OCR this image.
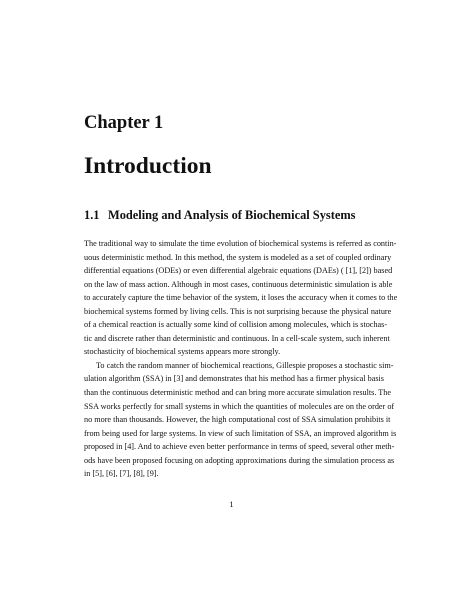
Chapter 1
Introduction
1.1 Modeling and Analysis of Biochemical Systems
The traditional way to simulate the time evolution of biochemical systems is referred as contin-
uous deterministic method. In this method, the system is modeled as a set of coupled ordinary
differential equations (ODEs) or even differential algebraic equations (DAEs) ( [1], [2]) based
on the law of mass action. Although in most cases, continuous deterministic simulation is able
to accurately capture the time behavior of the system, it loses the accuracy when it comes to the
biochemical systems formed by living cells. This is not surprising because the physical nature
of a chemical reaction is actually some kind of collision among molecules, which is stochas-
tic and discrete rather than deterministic and continuous. In a cell-scale system, such inherent
stochasticity of biochemical systems appears more strongly.
To catch the random manner of biochemical reactions, Gillespie proposes a stochastic sim-
ulation algorithm (SSA) in [3] and demonstrates that his method has a firmer physical basis
than the continuous deterministic method and can bring more accurate simulation results. The
SSA works perfectly for small systems in which the quantities of molecules are on the order of
no more than thousands. However, the high computational cost of SSA simulation prohibits it
from being used for large systems. In view of such limitation of SSA, an improved algorithm is
proposed in [4]. And to achieve even better performance in terms of speed, several other meth-
ods have been proposed focusing on adopting approximations during the simulation process as
in [5], [6], [7], [8], [9].
1
